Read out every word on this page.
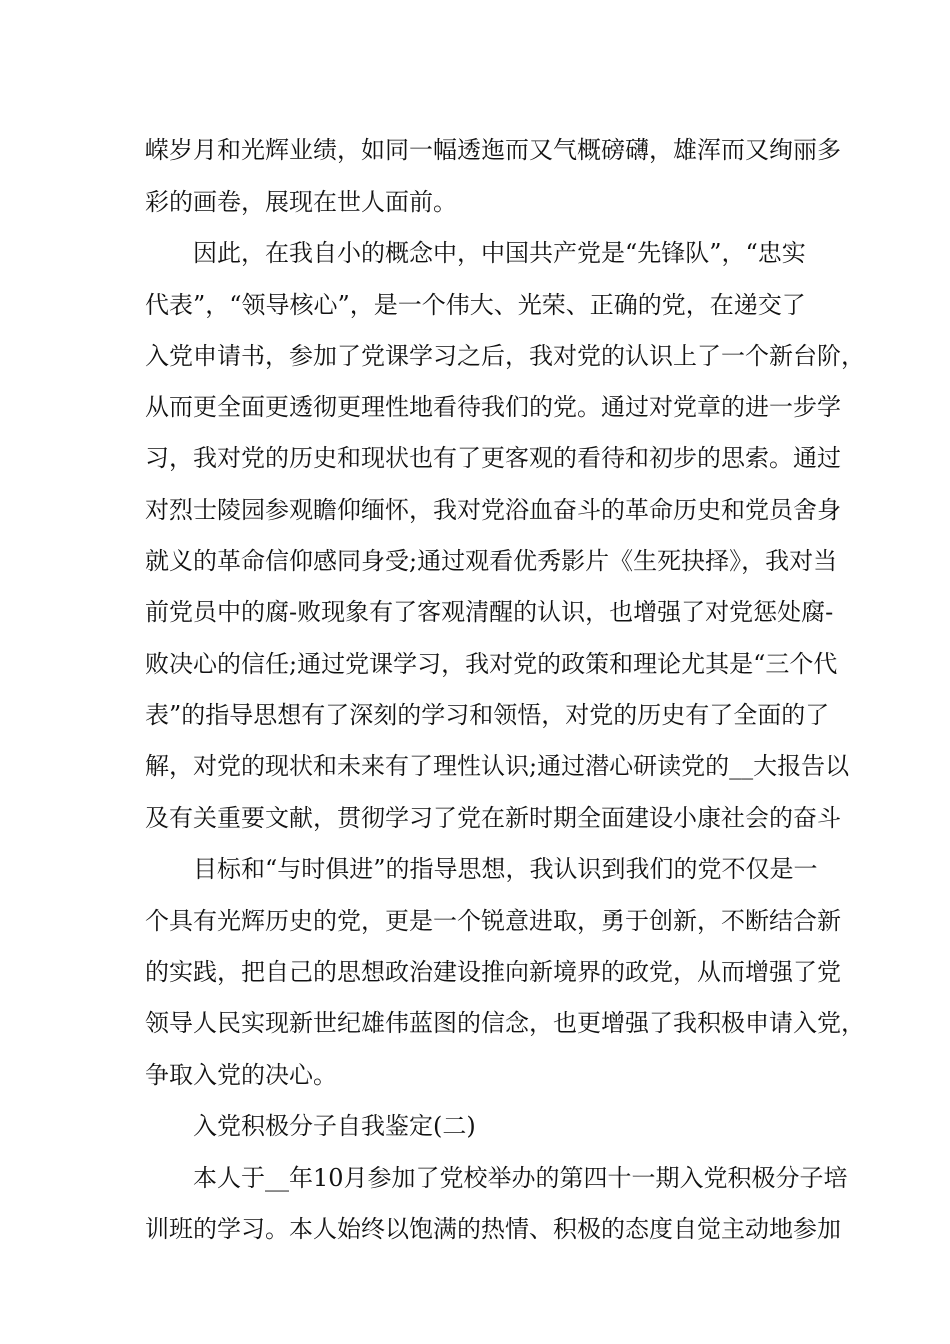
嵘岁月和光辉业绩，如同一幅透迤而又气概磅礴，雄浑而又绚丽多
彩的画卷，展现在世人面前。
因此，在我自小的概念中，中国共产党是“先锋队”，“忠实
代表”，“领导核心”，是一个伟大、光荣、正确的党，在递交了
入党申请书，参加了党课学习之后，我对党的认识上了一个新台阶，
从而更全面更透彻更理性地看待我们的党。通过对党章的进一步学
习，我对党的历史和现状也有了更客观的看待和初步的思索。通过
对烈士陵园参观瞻仰缅怀，我对党浴血奋斗的革命历史和党员舍身
就义的革命信仰感同身受;通过观看优秀影片《生死抉择》，我对当
前党员中的腐-败现象有了客观清醒的认识，也增强了对党惩处腐-
败决心的信任;通过党课学习，我对党的政策和理论尤其是“三个代
表”的指导思想有了深刻的学习和领悟，对党的历史有了全面的了
解，对党的现状和未来有了理性认识;通过潜心研读党的__大报告以
及有关重要文献，贯彻学习了党在新时期全面建设小康社会的奋斗
目标和“与时俱进”的指导思想，我认识到我们的党不仅是一
个具有光辉历史的党，更是一个锐意进取，勇于创新，不断结合新
的实践，把自己的思想政治建设推向新境界的政党，从而增强了党
领导人民实现新世纪雄伟蓝图的信念，也更增强了我积极申请入党，
争取入党的决心。
入党积极分子自我鉴定(二)
本人于__年10月参加了党校举办的第四十一期入党积极分子培
训班的学习。本人始终以饱满的热情、积极的态度自觉主动地参加
